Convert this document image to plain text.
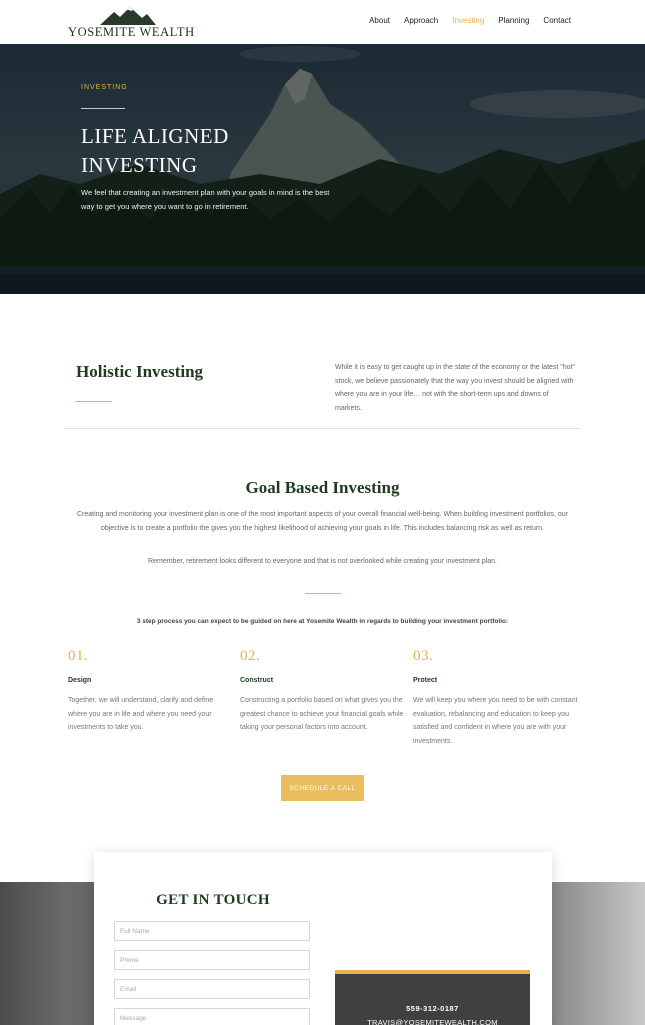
YOSEMITE WEALTH
About Approach Investing Planning Contact
INVESTING
LIFE ALIGNED INVESTING
We feel that creating an investment plan with your goals in mind is the best way to get you where you want to go in retirement.
Holistic Investing	While it is easy to get caught up in the state of the economy or the latest "hot" stock, we believe passionately that the way you invest should be aligned with where you are in your life… not with the short-term ups and downs of markets.
Goal Based Investing
Creating and monitoring your investment plan is one of the most important aspects of your overall financial well-being. When building investment portfolios, our objective is to create a portfolio the gives you the highest likelihood of achieving your goals in life. This includes balancing risk as well as return.
Remember, retirement looks different to everyone and that is not overlooked while creating your investment plan.
3 step process you can expect to be guided on here at Yosemite Wealth in regards to building your investment portfolio:
01.
Design
Together, we will understand, clarify and define where you are in life and where you need your investments to take you.
02.
Construct
Constructing a portfolio based on what gives you the greatest chance to achieve your financial goals while taking your personal factors into account.
03.
Protect
We will keep you where you need to be with constant evaluation, rebalancing and education to keep you satisfied and confident in where you are with your investments.
SCHEDULE A CALL
GET IN TOUCH
Full Name
Phone
Email
Message
559-312-0187
TRAVIS@YOSEMITEWEALTH.COM
